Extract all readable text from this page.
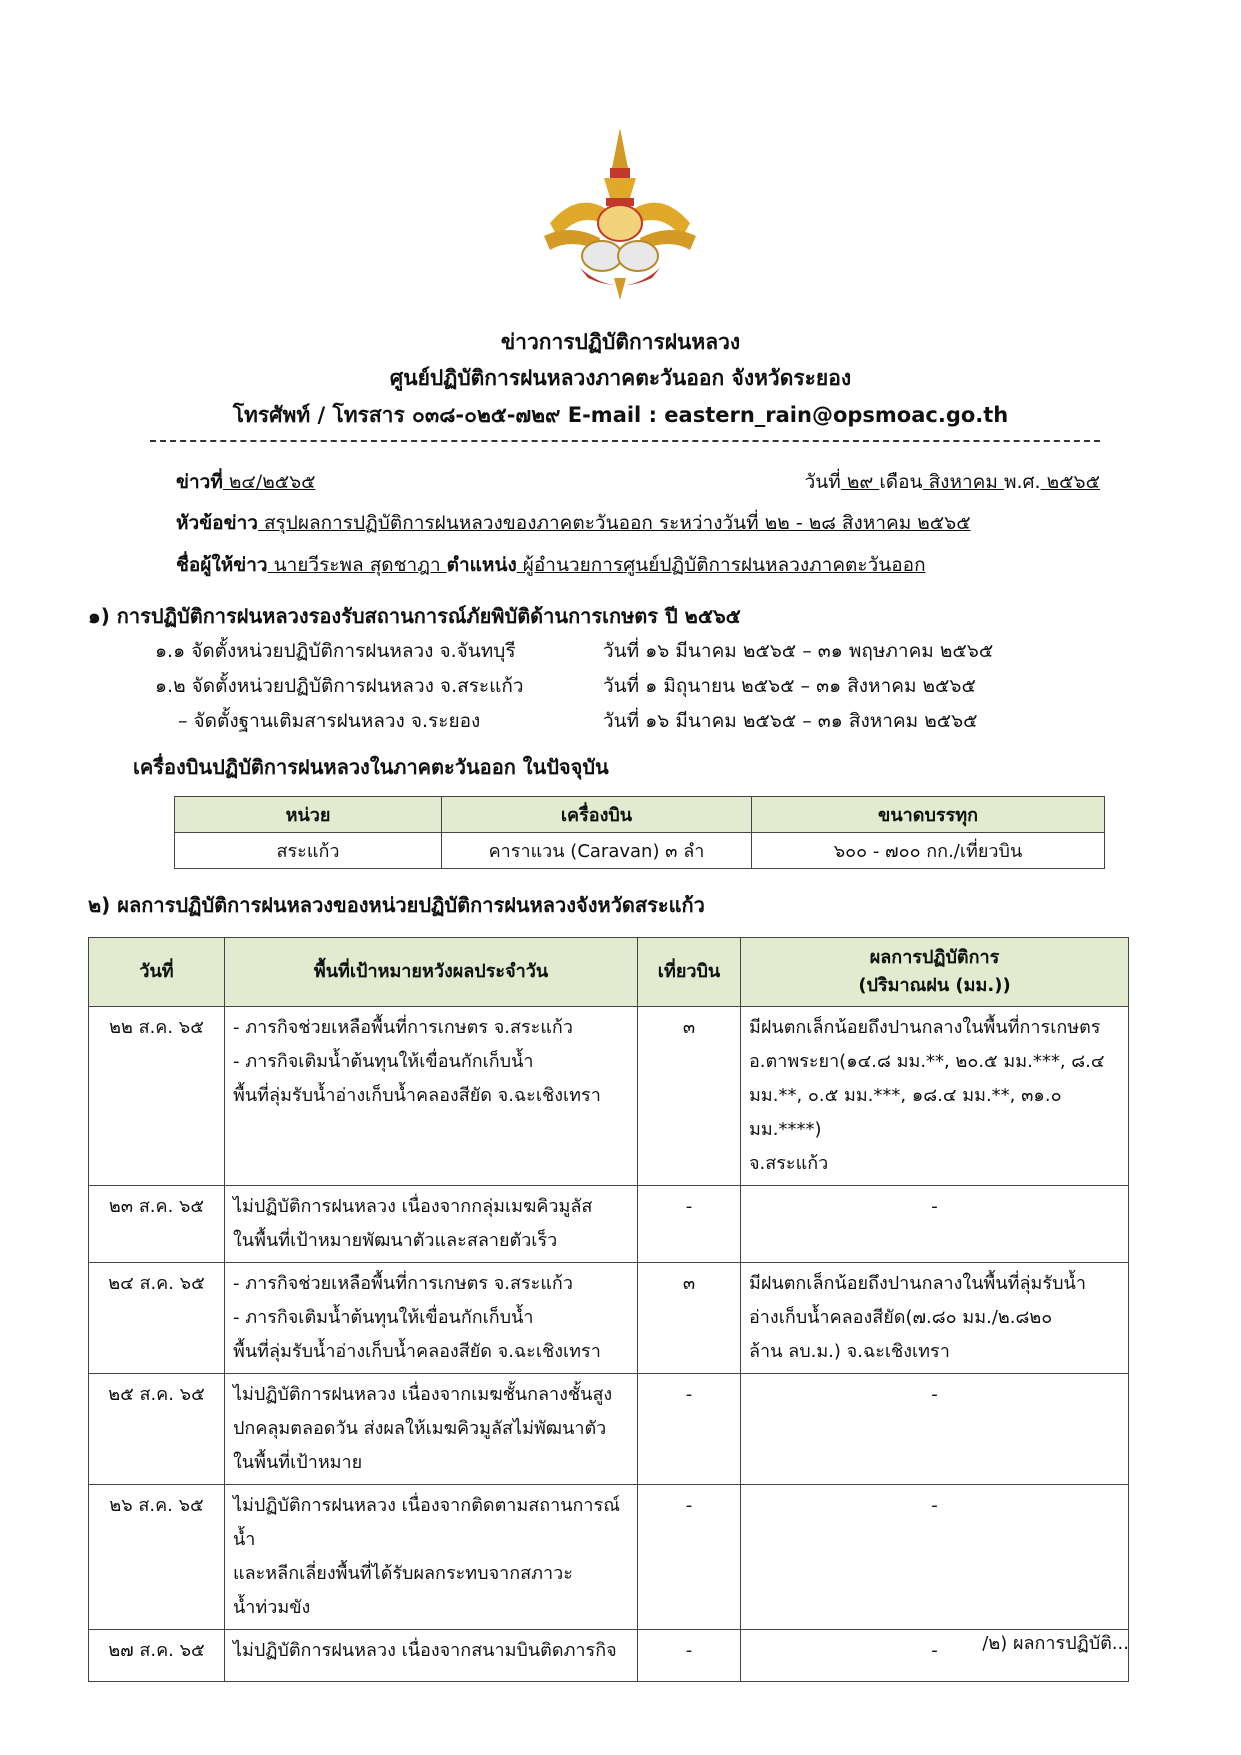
ข่าวการปฏิบัติการฝนหลวง
ศูนย์ปฏิบัติการฝนหลวงภาคตะวันออก จังหวัดระยอง
โทรศัพท์ / โทรสาร ๐๓๘-๐๒๕-๗๒๙ E-mail : eastern_rain@opsmoac.go.th
ข่าวที่ ๒๔/๒๕๖๕	วันที่ ๒๙ เดือน สิงหาคม พ.ศ. ๒๕๖๕
หัวข้อข่าว สรุปผลการปฏิบัติการฝนหลวงของภาคตะวันออก ระหว่างวันที่ ๒๒ - ๒๘ สิงหาคม ๒๕๖๕
ชื่อผู้ให้ข่าว นายวีระพล สุดชาฎา ตำแหน่ง ผู้อำนวยการศูนย์ปฏิบัติการฝนหลวงภาคตะวันออก
๑) การปฏิบัติการฝนหลวงรองรับสถานการณ์ภัยพิบัติด้านการเกษตร ปี ๒๕๖๕
๑.๑ จัดตั้งหน่วยปฏิบัติการฝนหลวง จ.จันทบุรี	วันที่ ๑๖ มีนาคม ๒๕๖๕ – ๓๑ พฤษภาคม ๒๕๖๕
๑.๒ จัดตั้งหน่วยปฏิบัติการฝนหลวง จ.สระแก้ว	วันที่ ๑ มิถุนายน ๒๕๖๕ – ๓๑ สิงหาคม ๒๕๖๕
– จัดตั้งฐานเติมสารฝนหลวง จ.ระยอง	วันที่ ๑๖ มีนาคม ๒๕๖๕ – ๓๑ สิงหาคม ๒๕๖๕
เครื่องบินปฏิบัติการฝนหลวงในภาคตะวันออก ในปัจจุบัน
หน่วย	เครื่องบิน	ขนาดบรรทุก
สระแก้ว	คาราแวน (Caravan) ๓ ลำ	๖๐๐ - ๗๐๐ กก./เที่ยวบิน
๒) ผลการปฏิบัติการฝนหลวงของหน่วยปฏิบัติการฝนหลวงจังหวัดสระแก้ว
วันที่	พื้นที่เป้าหมายหวังผลประจำวัน	เที่ยวบิน	ผลการปฏิบัติการ
(ปริมาณฝน (มม.))

๒๒ ส.ค. ๖๕	- ภารกิจช่วยเหลือพื้นที่การเกษตร จ.สระแก้ว
- ภารกิจเติมน้ำต้นทุนให้เขื่อนกักเก็บน้ำ
พื้นที่ลุ่มรับน้ำอ่างเก็บน้ำคลองสียัด จ.ฉะเชิงเทรา	๓	มีฝนตกเล็กน้อยถึงปานกลางในพื้นที่การเกษตร
อ.ตาพระยา(๑๔.๘ มม.**, ๒๐.๕ มม.***, ๘.๔
มม.**, ๐.๕ มม.***, ๑๘.๔ มม.**, ๓๑.๐ มม.****)
จ.สระแก้ว

๒๓ ส.ค. ๖๕	ไม่ปฏิบัติการฝนหลวง เนื่องจากกลุ่มเมฆคิวมูลัส
ในพื้นที่เป้าหมายพัฒนาตัวและสลายตัวเร็ว	-	-
๒๔ ส.ค. ๖๕	- ภารกิจช่วยเหลือพื้นที่การเกษตร จ.สระแก้ว
- ภารกิจเติมน้ำต้นทุนให้เขื่อนกักเก็บน้ำ
พื้นที่ลุ่มรับน้ำอ่างเก็บน้ำคลองสียัด จ.ฉะเชิงเทรา	๓	มีฝนตกเล็กน้อยถึงปานกลางในพื้นที่ลุ่มรับน้ำ
อ่างเก็บน้ำคลองสียัด(๗.๘๐ มม./๒.๘๒๐
ล้าน ลบ.ม.) จ.ฉะเชิงเทรา

๒๕ ส.ค. ๖๕	ไม่ปฏิบัติการฝนหลวง เนื่องจากเมฆชั้นกลางชั้นสูง
ปกคลุมตลอดวัน ส่งผลให้เมฆคิวมูลัสไม่พัฒนาตัว
ในพื้นที่เป้าหมาย	-	-
๒๖ ส.ค. ๖๕	ไม่ปฏิบัติการฝนหลวง เนื่องจากติดตามสถานการณ์น้ำ
และหลีกเลี่ยงพื้นที่ได้รับผลกระทบจากสภาวะ
น้ำท่วมขัง	-	-
๒๗ ส.ค. ๖๕	ไม่ปฏิบัติการฝนหลวง เนื่องจากสนามบินติดภารกิจ	-	- /๒) ผลการปฏิบัติ...
